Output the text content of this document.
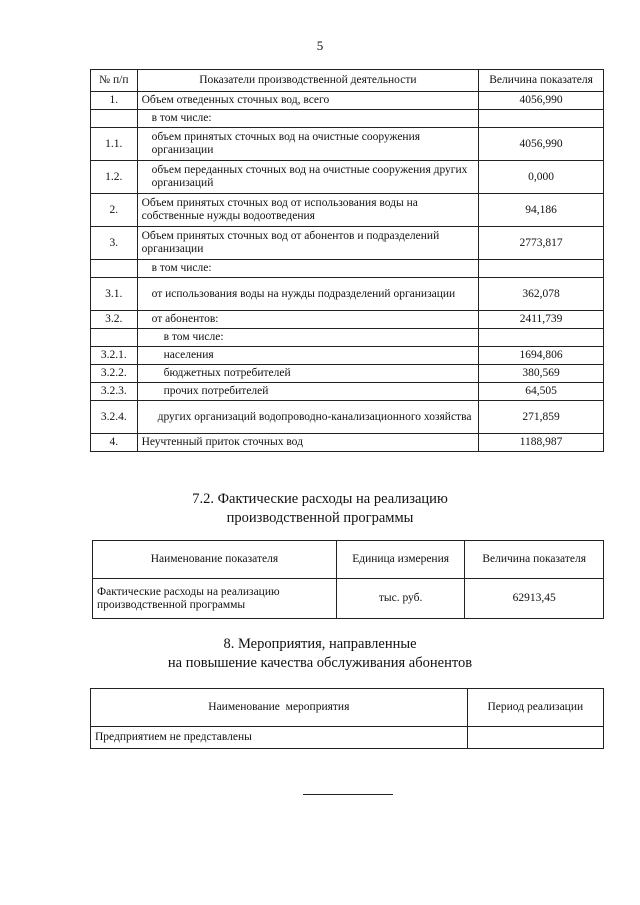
5
№ п/п	Показатели производственной деятельности	Величина показателя
1.	Объем отведенных сточных вод, всего	4056,990
	в том числе:	
1.1.	объем принятых сточных вод на очистные сооружения организации	4056,990
1.2.	объем переданных сточных вод на очистные сооружения других организаций	0,000
2.	Объем принятых сточных вод от использования воды на собственные нужды водоотведения	94,186
3.	Объем принятых сточных вод от абонентов и подразделений организации	2773,817
	в том числе:	
3.1.	от использования воды на нужды подразделений организации	362,078
3.2.	от абонентов:	2411,739
	в том числе:	
3.2.1.	населения	1694,806
3.2.2.	бюджетных потребителей	380,569
3.2.3.	прочих потребителей	64,505
3.2.4.	других организаций водопроводно-канализационного хозяйства	271,859
4.	Неучтенный приток сточных вод	1188,987
7.2. Фактические расходы на реализацию
производственной программы
Наименование показателя	Единица измерения	Величина показателя
Фактические расходы на реализацию производственной программы	тыс. руб.	62913,45
8. Мероприятия, направленные
на повышение качества обслуживания абонентов
Наименование  мероприятия	Период реализации
Предприятием не представлены	
